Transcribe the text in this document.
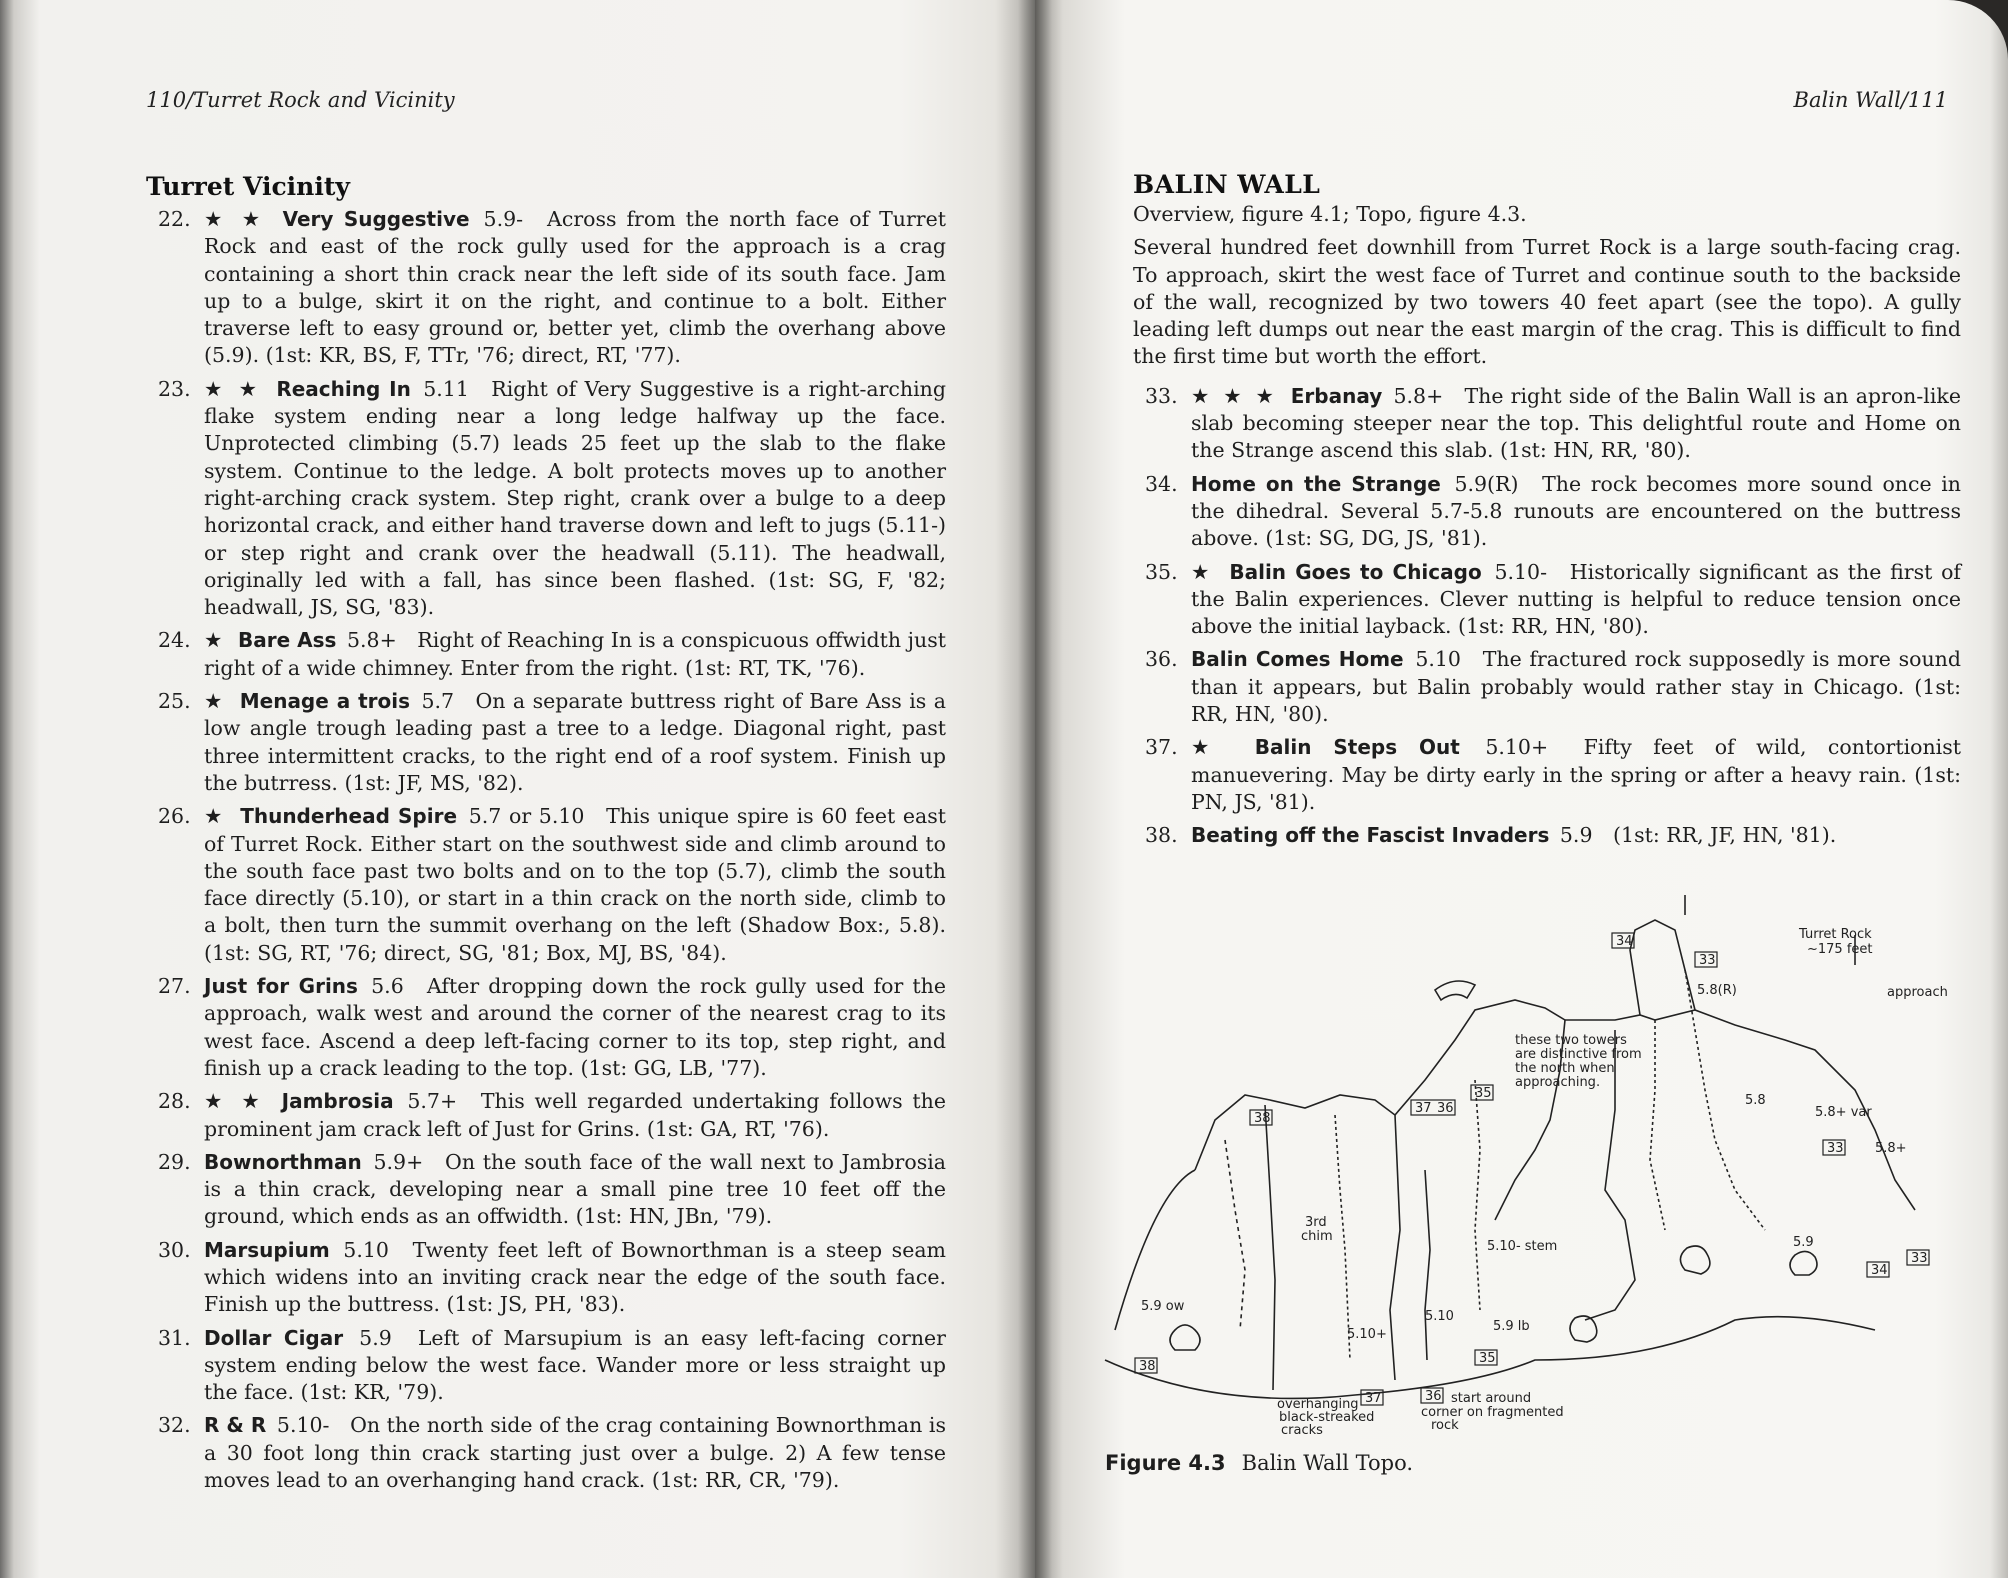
110/Turret Rock and Vicinity
Turret Vicinity
22. ★ ★ Very Suggestive 5.9- Across from the north face of Turret Rock and east of the rock gully used for the approach is a crag containing a short thin crack near the left side of its south face. Jam up to a bulge, skirt it on the right, and continue to a bolt. Either traverse left to easy ground or, better yet, climb the overhang above (5.9). (1st: KR, BS, F, TTr, '76; direct, RT, '77).
23. ★ ★ Reaching In 5.11 Right of Very Suggestive is a right-arching flake system ending near a long ledge halfway up the face. Unprotected climbing (5.7) leads 25 feet up the slab to the flake system. Continue to the ledge. A bolt protects moves up to another right-arching crack system. Step right, crank over a bulge to a deep horizontal crack, and either hand traverse down and left to jugs (5.11-) or step right and crank over the headwall (5.11). The headwall, originally led with a fall, has since been flashed. (1st: SG, F, '82; headwall, JS, SG, '83).
24. ★ Bare Ass 5.8+ Right of Reaching In is a conspicuous offwidth just right of a wide chimney. Enter from the right. (1st: RT, TK, '76).
25. ★ Menage a trois 5.7 On a separate buttress right of Bare Ass is a low angle trough leading past a tree to a ledge. Diagonal right, past three intermittent cracks, to the right end of a roof system. Finish up the butrress. (1st: JF, MS, '82).
26. ★ Thunderhead Spire 5.7 or 5.10 This unique spire is 60 feet east of Turret Rock. Either start on the southwest side and climb around to the south face past two bolts and on to the top (5.7), climb the south face directly (5.10), or start in a thin crack on the north side, climb to a bolt, then turn the summit overhang on the left (Shadow Box:, 5.8). (1st: SG, RT, '76; direct, SG, '81; Box, MJ, BS, '84).
27. Just for Grins 5.6 After dropping down the rock gully used for the approach, walk west and around the corner of the nearest crag to its west face. Ascend a deep left-facing corner to its top, step right, and finish up a crack leading to the top. (1st: GG, LB, '77).
28. ★ ★ Jambrosia 5.7+ This well regarded undertaking follows the prominent jam crack left of Just for Grins. (1st: GA, RT, '76).
29. Bownorthman 5.9+ On the south face of the wall next to Jambrosia is a thin crack, developing near a small pine tree 10 feet off the ground, which ends as an offwidth. (1st: HN, JBn, '79).
30. Marsupium 5.10 Twenty feet left of Bownorthman is a steep seam which widens into an inviting crack near the edge of the south face. Finish up the buttress. (1st: JS, PH, '83).
31. Dollar Cigar 5.9 Left of Marsupium is an easy left-facing corner system ending below the west face. Wander more or less straight up the face. (1st: KR, '79).
32. R & R 5.10- On the north side of the crag containing Bownorthman is a 30 foot long thin crack starting just over a bulge. 2) A few tense moves lead to an overhanging hand crack. (1st: RR, CR, '79).
Balin Wall/111
BALIN WALL

Overview, figure 4.1; Topo, figure 4.3.

Several hundred feet downhill from Turret Rock is a large south-facing crag. To approach, skirt the west face of Turret and continue south to the backside of the wall, recognized by two towers 40 feet apart (see the topo). A gully leading left dumps out near the east margin of the crag. This is difficult to find the first time but worth the effort.

33. ★ ★ ★ Erbanay 5.8+ The right side of the Balin Wall is an apron-like slab becoming steeper near the top. This delightful route and Home on the Strange ascend this slab. (1st: HN, RR, '80).
34. Home on the Strange 5.9(R) The rock becomes more sound once in the dihedral. Several 5.7-5.8 runouts are encountered on the buttress above. (1st: SG, DG, JS, '81).
35. ★ Balin Goes to Chicago 5.10- Historically significant as the first of the Balin experiences. Clever nutting is helpful to reduce tension once above the initial layback. (1st: RR, HN, '80).
36. Balin Comes Home 5.10 The fractured rock supposedly is more sound than it appears, but Balin probably would rather stay in Chicago. (1st: RR, HN, '80).
37. ★ Balin Steps Out 5.10+ Fifty feet of wild, contortionist manuevering. May be dirty early in the spring or after a heavy rain. (1st: PN, JS, '81).
38. Beating off the Fascist Invaders 5.9 (1st: RR, JF, HN, '81).
34
33
35
37 36
38
33
33
34
38
35
37	36
Turret Rock
~175 feet
approach
these two towers
are distinctive from
the north when
approaching.
5.8(R)
5.8
5.8+ var
5.8+
5.9
3rd
chim
5.10- stem
5.9 ow
5.10
5.10+
5.9 lb
overhanging
black-streaked
cracks
start around
corner on fragmented
rock
Figure 4.3 Balin Wall Topo.
